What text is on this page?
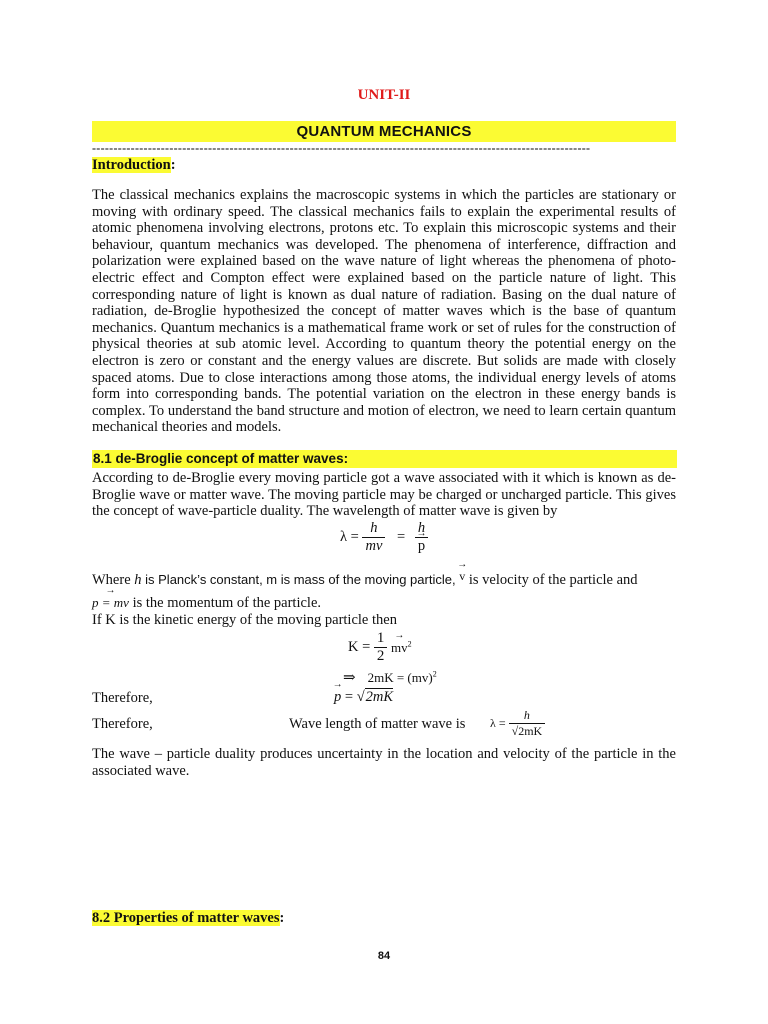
UNIT-II
QUANTUM MECHANICS
--------------------------------------------------------------------------------------------------------------------
Introduction:
The classical mechanics explains the macroscopic systems in which the particles are stationary or moving with ordinary speed. The classical mechanics fails to explain the experimental results of atomic phenomena involving electrons, protons etc. To explain this microscopic systems and their behaviour, quantum mechanics was developed. The phenomena of interference, diffraction and polarization were explained based on the wave nature of light whereas the phenomena of photo-electric effect and Compton effect were explained based on the particle nature of light. This corresponding nature of light is known as dual nature of radiation. Basing on the dual nature of radiation, de-Broglie hypothesized the concept of matter waves which is the base of quantum mechanics. Quantum mechanics is a mathematical frame work or set of rules for the construction of physical theories at sub atomic level. According to quantum theory the potential energy on the electron is zero or constant and the energy values are discrete. But solids are made with closely spaced atoms. Due to close interactions among those atoms, the individual energy levels of atoms form into corresponding bands. The potential variation on the electron in these energy bands is complex. To understand the band structure and motion of electron, we need to learn certain quantum mechanical theories and models.
8.1 de-Broglie concept of matter waves:
According to de-Broglie every moving particle got a wave associated with it which is known as de-Broglie wave or matter wave. The moving particle may be charged or uncharged particle. This gives the concept of wave-particle duality. The wavelength of matter wave is given by
$\lambda = \frac{h}{mv} = h$
→ p
Where h is Planck’s constant, m is mass of the moving particle, → v is velocity of the particle and
→ p = mv is the momentum of the particle.
If K is the kinetic energy of the moving particle then
$K = \frac{1}{2}$
→ $mv^2$
⇒ 2mK = (mv)$^2$
Therefore,
→	p = √2mK
Therefore,	Wave length of matter wave is $\lambda = \frac{h}{√2mK}$
The wave – particle duality produces uncertainty in the location and velocity of the particle in the associated wave.
8.2 Properties of matter waves:
84
